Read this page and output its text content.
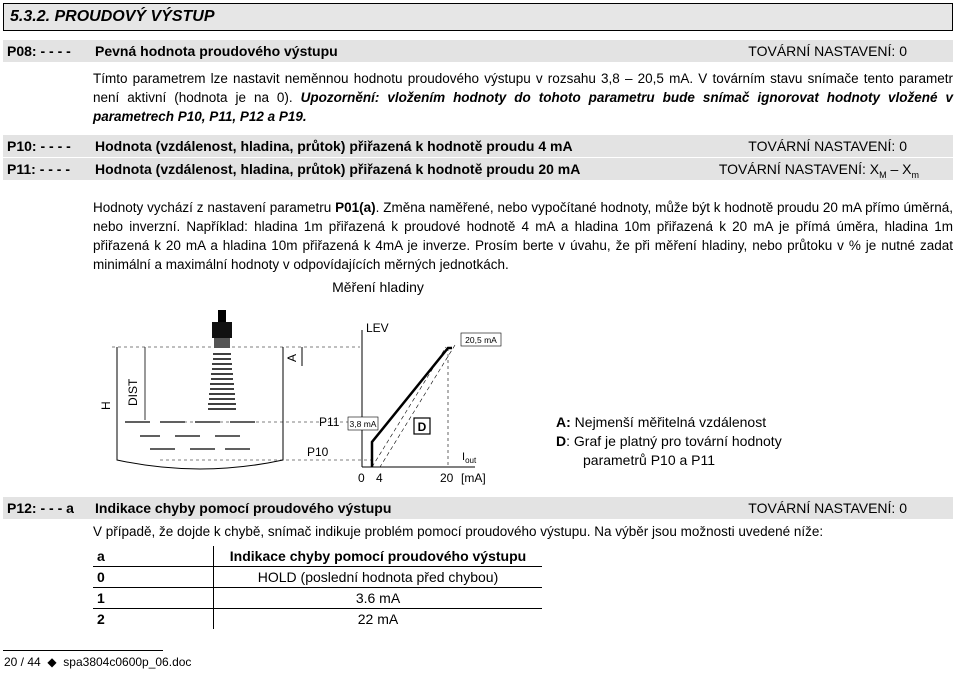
5.3.2. PROUDOVÝ VÝSTUP
P08: - - - - Pevná hodnota proudového výstupu	TOVÁRNÍ NASTAVENÍ: 0
Tímto parametrem lze nastavit neměnnou hodnotu proudového výstupu v rozsahu 3,8 – 20,5 mA. V továrním stavu snímače tento parametr není aktivní (hodnota je na 0). Upozornění: vložením hodnoty do tohoto parametru bude snímač ignorovat hodnoty vložené v parametrech P10, P11, P12 a P19.
P10: - - - - Hodnota (vzdálenost, hladina, průtok) přiřazená k hodnotě proudu 4 mA	TOVÁRNÍ NASTAVENÍ: 0
P11: - - - - Hodnota (vzdálenost, hladina, průtok) přiřazená k hodnotě proudu 20 mA	TOVÁRNÍ NASTAVENÍ: $X_M - X_m$
Hodnoty vychází z nastavení parametru P01(a). Změna naměřené, nebo vypočítané hodnoty, může být k hodnotě proudu 20 mA přímo úměrná, nebo inverzní. Například: hladina 1m přiřazená k proudové hodnotě 4 mA a hladina 10m přiřazená k 20 mA je přímá úměra, hladina 1m přiřazená k 20 mA a hladina 10m přiřazená k 4mA je inverze. Prosím berte v úvahu, že při měření hladiny, nebo průtoku v % je nutné zadat minimální a maximální hodnoty v odpovídajících měrných jednotkách.
Měření hladiny
H DIST
A
P11
P10
LEV
$I_{out}$
20,5 mA
3,8 mA	D
0 4	20 [mA]
A: Nejmenší měřitelná vzdálenost
D: Graf je platný pro tovární hodnoty
parametrů P10 a P11
P12: - - - a Indikace chyby pomocí proudového výstupu	TOVÁRNÍ NASTAVENÍ: 0
V případě, že dojde k chybě, snímač indikuje problém pomocí proudového výstupu. Na výběr jsou možnosti uvedené níže:
a	Indikace chyby pomocí proudového výstupu
0	HOLD (poslední hodnota před chybou)
1	3.6 mA
2	22 mA
20 / 44  ◆  spa3804c0600p_06.doc
